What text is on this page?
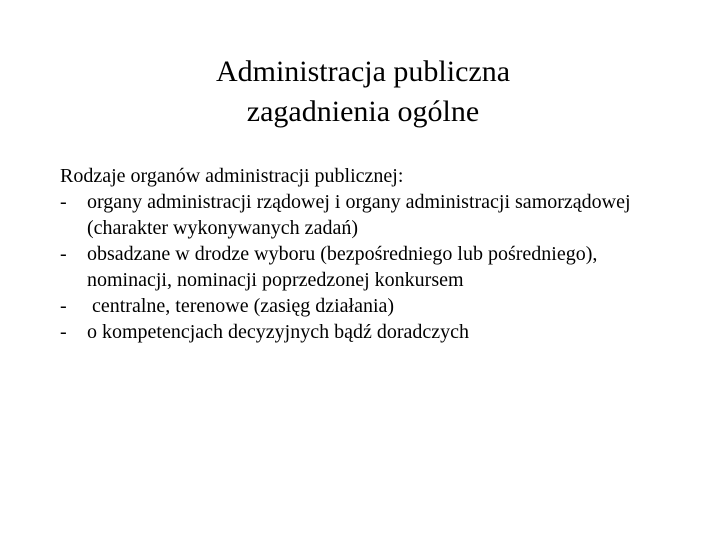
Administracja publiczna
zagadnienia ogólne
Rodzaje organów administracji publicznej:
- organy administracji rządowej i organy administracji samorządowej (charakter wykonywanych zadań)
- obsadzane w drodze wyboru (bezpośredniego lub pośredniego), nominacji, nominacji poprzedzonej konkursem
- centralne, terenowe (zasięg działania)
- o kompetencjach decyzyjnych bądź doradczych
